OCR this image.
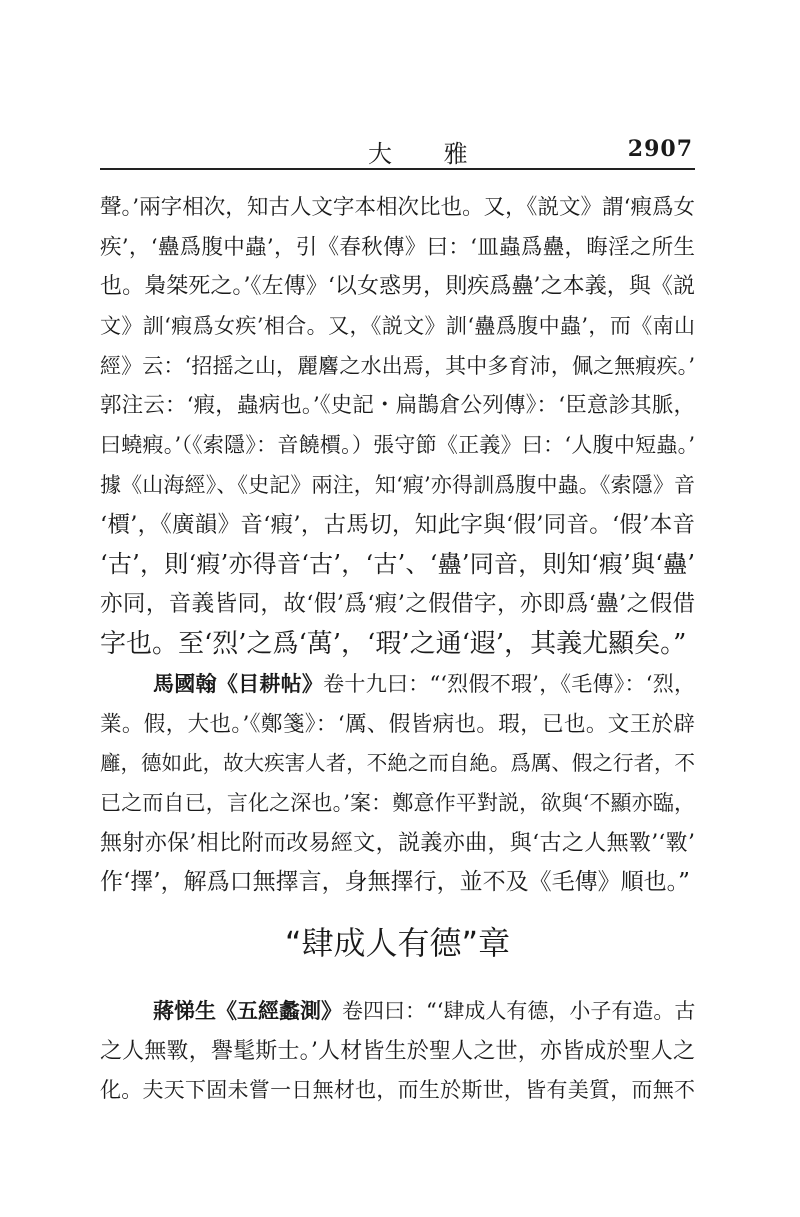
大 雅	2907
聲。’兩字相次，知古人文字本相次比也。又，《説文》謂‘瘕爲女
疾’，‘蠱爲腹中蟲’，引《春秋傳》曰：‘皿蟲爲蠱，晦淫之所生
也。梟桀死之。’《左傳》‘以女惑男，則疾爲蠱’之本義，與《説
文》訓‘瘕爲女疾’相合。又，《説文》訓‘蠱爲腹中蟲’，而《南山
經》云：‘招摇之山，麗麔之水出焉，其中多育沛，佩之無瘕疾。’
郭注云：‘瘕，蟲病也。’《史記・扁鵲倉公列傳》：‘臣意診其脈，
曰蟯瘕。’（《索隱》：音饒檟。）張守節《正義》曰：‘人腹中短蟲。’
據《山海經》、《史記》兩注，知‘瘕’亦得訓爲腹中蟲。《索隱》音
‘檟’，《廣韻》音‘瘕’，古馬切，知此字與‘假’同音。‘假’本音
‘古’，則‘瘕’亦得音‘古’，‘古’、‘蠱’同音，則知‘瘕’與‘蠱’
亦同，音義皆同，故‘假’爲‘瘕’之假借字，亦即爲‘蠱’之假借
字也。至‘烈’之爲‘萬’，‘瑕’之通‘遐’，其義尤顯矣。”
馬國翰《目耕帖》卷十九曰：“‘烈假不瑕’，《毛傳》：‘烈，
業。假，大也。’《鄭箋》：‘厲、假皆病也。瑕，已也。文王於辟
廱，德如此，故大疾害人者，不絶之而自絶。爲厲、假之行者，不
已之而自已，言化之深也。’案：鄭意作平對説，欲與‘不顯亦臨，
無射亦保’相比附而改易經文，説義亦曲，與‘古之人無斁’‘斁’
作‘擇’，解爲口無擇言，身無擇行，並不及《毛傳》順也。”
“肆成人有德”章
蔣悌生《五經蠡測》卷四曰：“‘肆成人有德，小子有造。古
之人無斁，譽髦斯士。’人材皆生於聖人之世，亦皆成於聖人之
化。夫天下固未嘗一日無材也，而生於斯世，皆有美質，而無不
